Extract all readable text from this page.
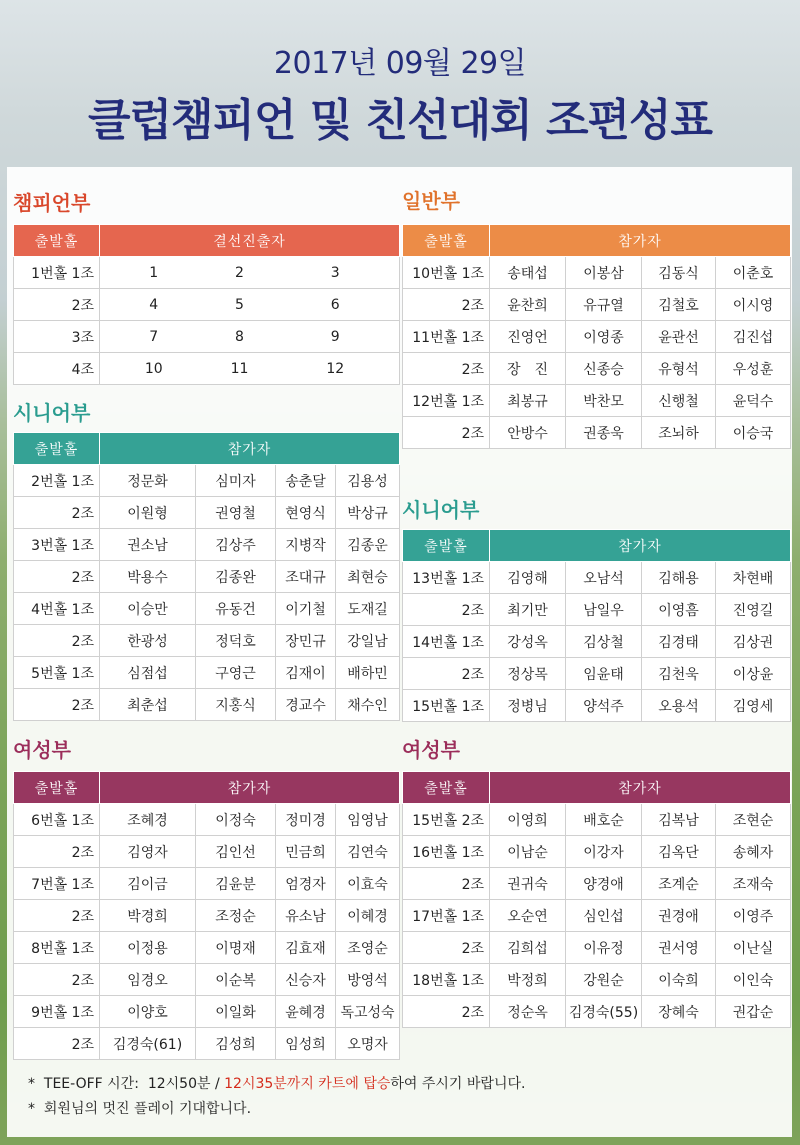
2017년 09월 29일
클럽챔피언 및 친선대회 조편성표
챔피언부
출발홀	결선진출자		
1번홀 1조	1	2	3
2조	4	5	6
3조	7	8	9
4조	10	11	12
일반부
출발홀	참가자			
10번홀 1조	송태섭	이봉삼	김동식	이춘호
2조	윤찬희	유규열	김철호	이시영
11번홀 1조	진영언	이영종	윤관선	김진섭
2조	장　진	신종승	유형석	우성훈
12번홀 1조	최봉규	박찬모	신행철	윤덕수
2조	안방수	권종욱	조뇌하	이승국
시니어부
출발홀	참가자			
2번홀 1조	정문화	심미자	송춘달	김용성
2조	이원형	권영철	현영식	박상규
3번홀 1조	권소남	김상주	지병작	김종운
2조	박용수	김종완	조대규	최현승
4번홀 1조	이승만	유동건	이기철	도재길
2조	한광성	정덕호	장민규	강일남
5번홀 1조	심점섭	구영근	김재이	배하민
2조	최춘섭	지홍식	경교수	채수인
시니어부
출발홀	참가자			
13번홀 1조	김영해	오남석	김해용	차현배
2조	최기만	남일우	이영흠	진영길
14번홀 1조	강성옥	김상철	김경태	김상권
2조	정상목	임윤태	김천욱	이상윤
15번홀 1조	정병님	양석주	오용석	김영세
여성부
출발홀	참가자			
6번홀 1조	조혜경	이정숙	정미경	임영남
2조	김영자	김인선	민금희	김연숙
7번홀 1조	김이금	김윤분	엄경자	이효숙
2조	박경희	조정순	유소남	이혜경
8번홀 1조	이정용	이명재	김효재	조영순
2조	임경오	이순복	신승자	방영석
9번홀 1조	이양호	이일화	윤혜경	독고성숙
2조	김경숙(61)	김성희	임성희	오명자
여성부
출발홀	참가자			
15번홀 2조	이영희	배호순	김복남	조현순
16번홀 1조	이남순	이강자	김옥단	송혜자
2조	권귀숙	양경애	조계순	조재숙
17번홀 1조	오순연	심인섭	권경애	이영주
2조	김희섭	이유정	권서영	이난실
18번홀 1조	박정희	강원순	이숙희	이인숙
2조	정순옥	김경숙(55)	장혜숙	권갑순
*  TEE-OFF 시간:  12시50분 / 12시35분까지 카트에 탑승하여 주시기 바랍니다.
*  회원님의 멋진 플레이 기대합니다.
